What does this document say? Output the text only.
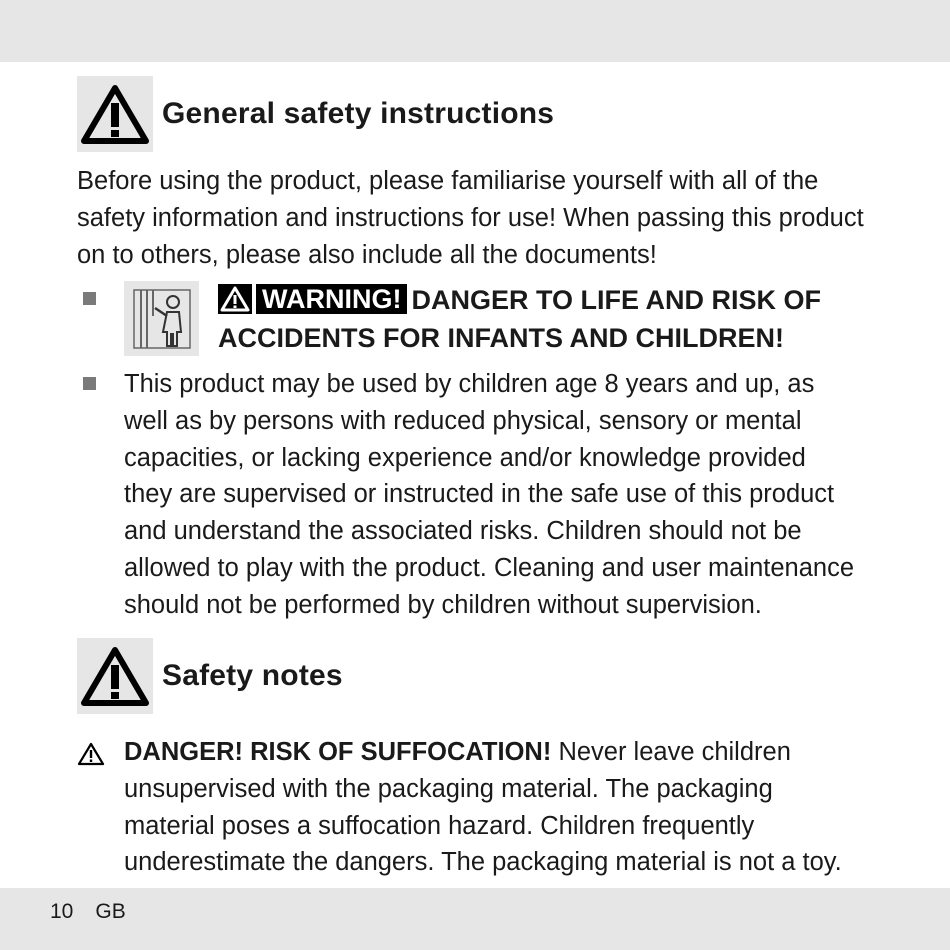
General safety instructions
Before using the product, please familiarise yourself with all of the
safety information and instructions for use! When passing this product
on to others, please also include all the documents!
WARNING! DANGER TO LIFE AND RISK OF
ACCIDENTS FOR INFANTS AND CHILDREN!
This product may be used by children age 8 years and up, as
well as by persons with reduced physical, sensory or mental
capacities, or lacking experience and/or knowledge provided
they are supervised or instructed in the safe use of this product
and understand the associated risks. Children should not be
allowed to play with the product. Cleaning and user maintenance
should not be performed by children without supervision.
Safety notes
DANGER! RISK OF SUFFOCATION! Never leave children
unsupervised with the packaging material. The packaging
material poses a suffocation hazard. Children frequently
underestimate the dangers. The packaging material is not a toy.
10 GB
